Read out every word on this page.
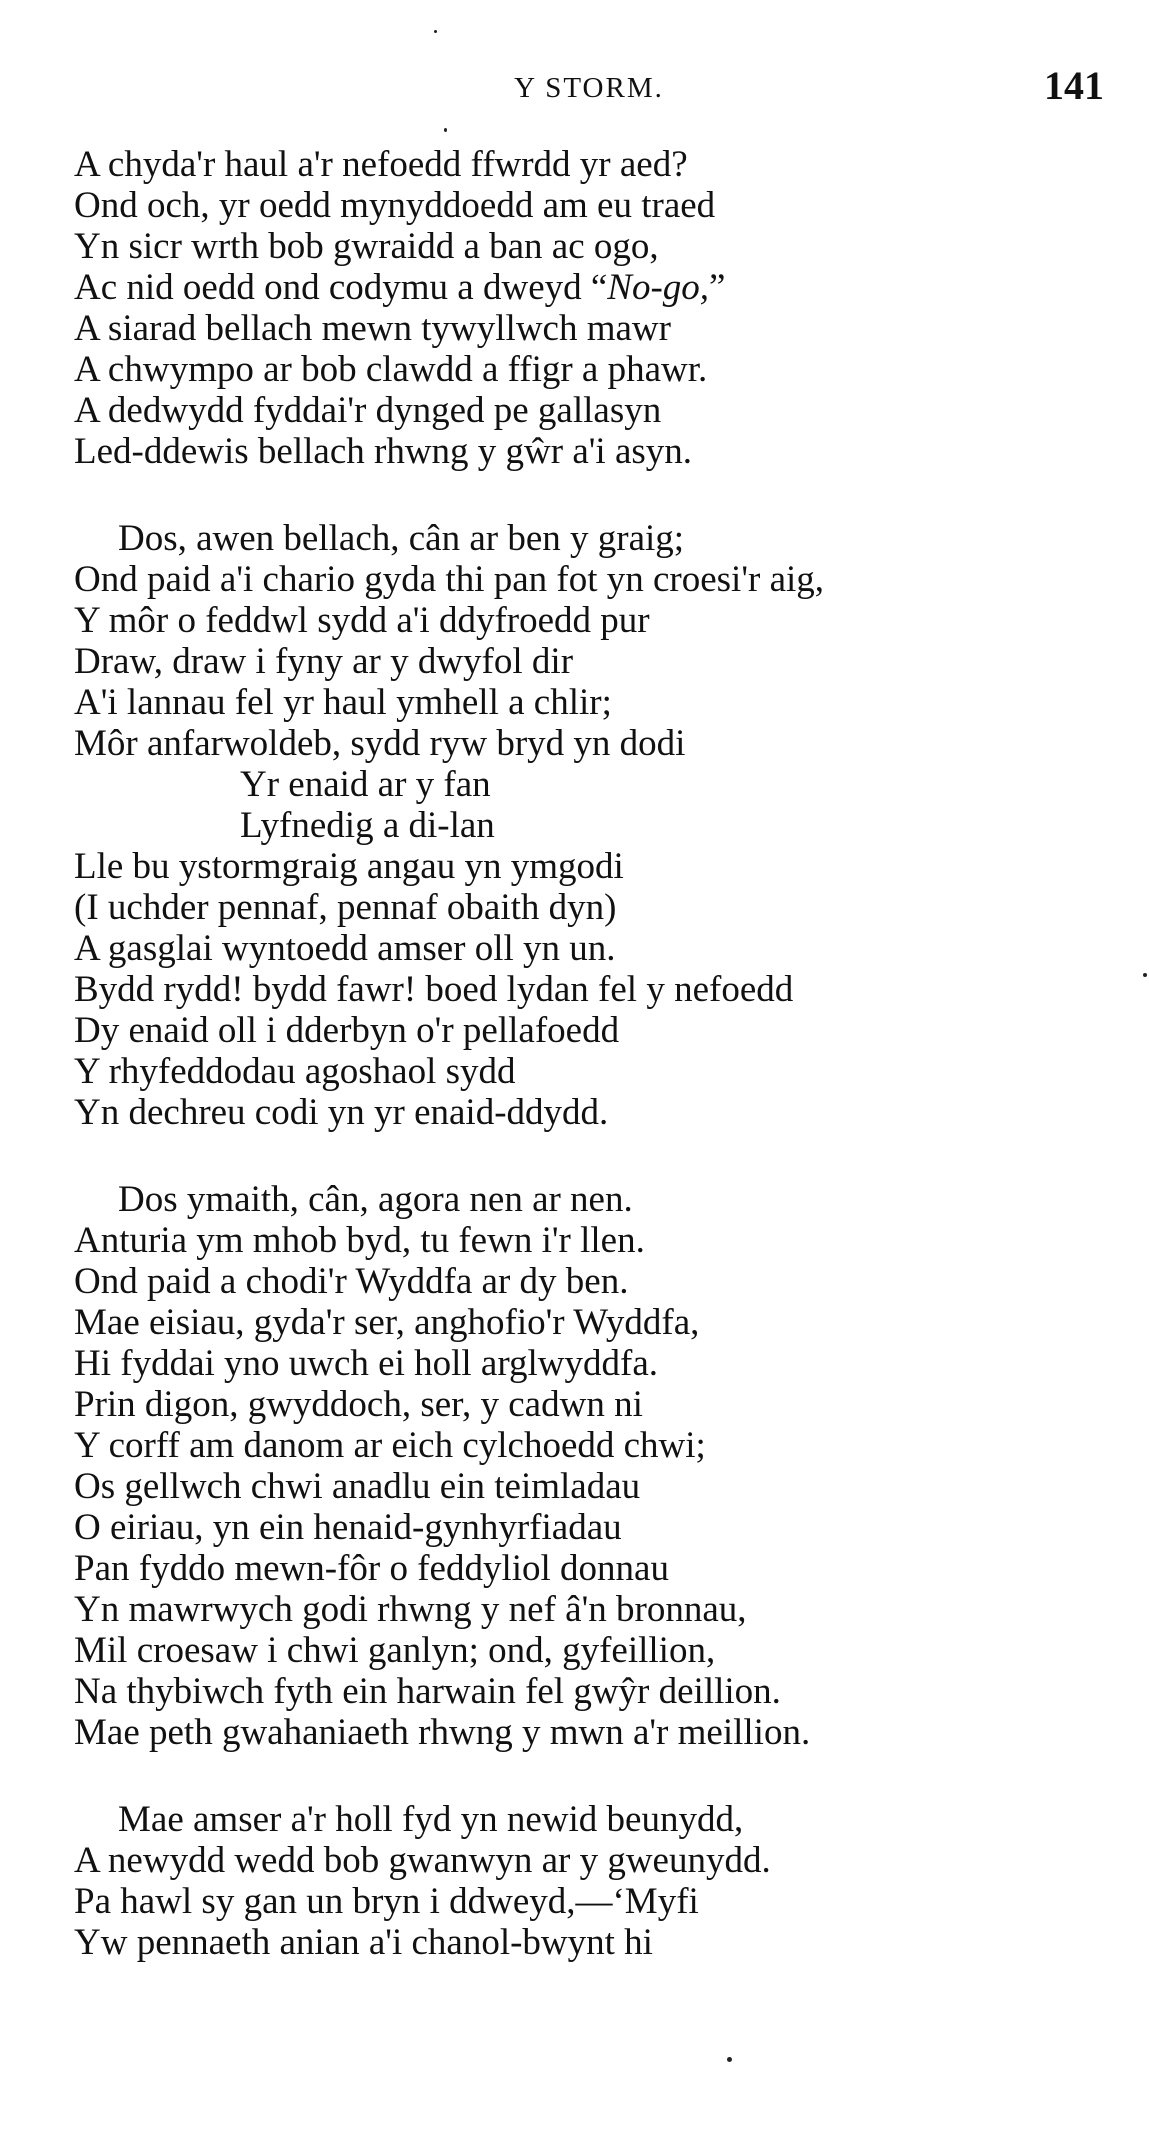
Y STORM.	141
A chyda'r haul a'r nefoedd ffwrdd yr aed?
Ond och, yr oedd mynyddoedd am eu traed
Yn sicr wrth bob gwraidd a ban ac ogo,
Ac nid oedd ond codymu a dweyd “No-go,”
A siarad bellach mewn tywyllwch mawr
A chwympo ar bob clawdd a ffigr a phawr.
A dedwydd fyddai'r dynged pe gallasyn
Led-ddewis bellach rhwng y gŵr a'i asyn.
Dos, awen bellach, cân ar ben y graig;
Ond paid a'i chario gyda thi pan fot yn croesi'r aig,
Y môr o feddwl sydd a'i ddyfroedd pur
Draw, draw i fyny ar y dwyfol dir
A'i lannau fel yr haul ymhell a chlir;
Môr anfarwoldeb, sydd ryw bryd yn dodi
Yr enaid ar y fan
Lyfnedig a di-lan
Lle bu ystormgraig angau yn ymgodi
(I uchder pennaf, pennaf obaith dyn)
A gasglai wyntoedd amser oll yn un.
Bydd rydd! bydd fawr! boed lydan fel y nefoedd
Dy enaid oll i dderbyn o'r pellafoedd
Y rhyfeddodau agoshaol sydd
Yn dechreu codi yn yr enaid-ddydd.
Dos ymaith, cân, agora nen ar nen.
Anturia ym mhob byd, tu fewn i'r llen.
Ond paid a chodi'r Wyddfa ar dy ben.
Mae eisiau, gyda'r ser, anghofio'r Wyddfa,
Hi fyddai yno uwch ei holl arglwyddfa.
Prin digon, gwyddoch, ser, y cadwn ni
Y corff am danom ar eich cylchoedd chwi;
Os gellwch chwi anadlu ein teimladau
O eiriau, yn ein henaid-gynhyrfiadau
Pan fyddo mewn-fôr o feddyliol donnau
Yn mawrwych godi rhwng y nef â'n bronnau,
Mil croesaw i chwi ganlyn; ond, gyfeillion,
Na thybiwch fyth ein harwain fel gwŷr deillion.
Mae peth gwahaniaeth rhwng y mwn a'r meillion.
Mae amser a'r holl fyd yn newid beunydd,
A newydd wedd bob gwanwyn ar y gweunydd.
Pa hawl sy gan un bryn i ddweyd,—‘Myfi
Yw pennaeth anian a'i chanol-bwynt hi
